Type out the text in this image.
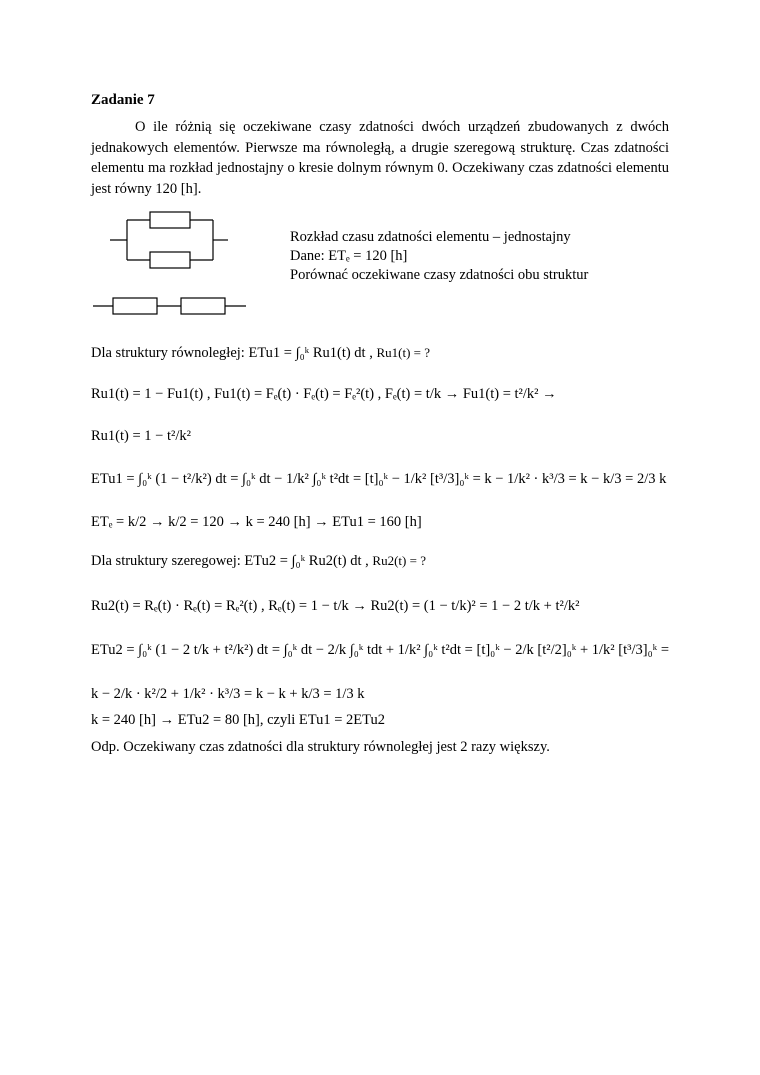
Zadanie 7
O ile różnią się oczekiwane czasy zdatności dwóch urządzeń zbudowanych z dwóch jednakowych elementów. Pierwsze ma równoległą, a drugie szeregową strukturę. Czas zdatności elementu ma rozkład jednostajny o kresie dolnym równym 0. Oczekiwany czas zdatności elementu jest równy 120 [h].
Rozkład czasu zdatności elementu – jednostajny
Dane: ETₑ = 120 [h]
Porównać oczekiwane czasy zdatności obu struktur
Dla struktury równoległej: ETu1 = ∫₀ᵏ Ru1(t) dt , Ru1(t) = ?
Ru1(t) = 1 − Fu1(t) , Fu1(t) = Fₑ(t) · Fₑ(t) = Fₑ²(t) , Fₑ(t) = t/k → Fu1(t) = t²/k² →
Ru1(t) = 1 − t²/k²
ETu1 = ∫₀ᵏ (1 − t²/k²) dt = ∫₀ᵏ dt − 1/k² ∫₀ᵏ t²dt = [t]₀ᵏ − 1/k² [t³/3]₀ᵏ = k − 1/k² · k³/3 = k − k/3 = 2/3 k
ETₑ = k/2 → k/2 = 120 → k = 240 [h] → ETu1 = 160 [h]
Dla struktury szeregowej: ETu2 = ∫₀ᵏ Ru2(t) dt , Ru2(t) = ?
Ru2(t) = Rₑ(t) · Rₑ(t) = Rₑ²(t) , Rₑ(t) = 1 − t/k → Ru2(t) = (1 − t/k)² = 1 − 2 t/k + t²/k²
ETu2 = ∫₀ᵏ (1 − 2 t/k + t²/k²) dt = ∫₀ᵏ dt − 2/k ∫₀ᵏ tdt + 1/k² ∫₀ᵏ t²dt = [t]₀ᵏ − 2/k [t²/2]₀ᵏ + 1/k² [t³/3]₀ᵏ =
k − 2/k · k²/2 + 1/k² · k³/3 = k − k + k/3 = 1/3 k
k = 240 [h] → ETu2 = 80 [h], czyli ETu1 = 2ETu2
Odp. Oczekiwany czas zdatności dla struktury równoległej jest 2 razy większy.
